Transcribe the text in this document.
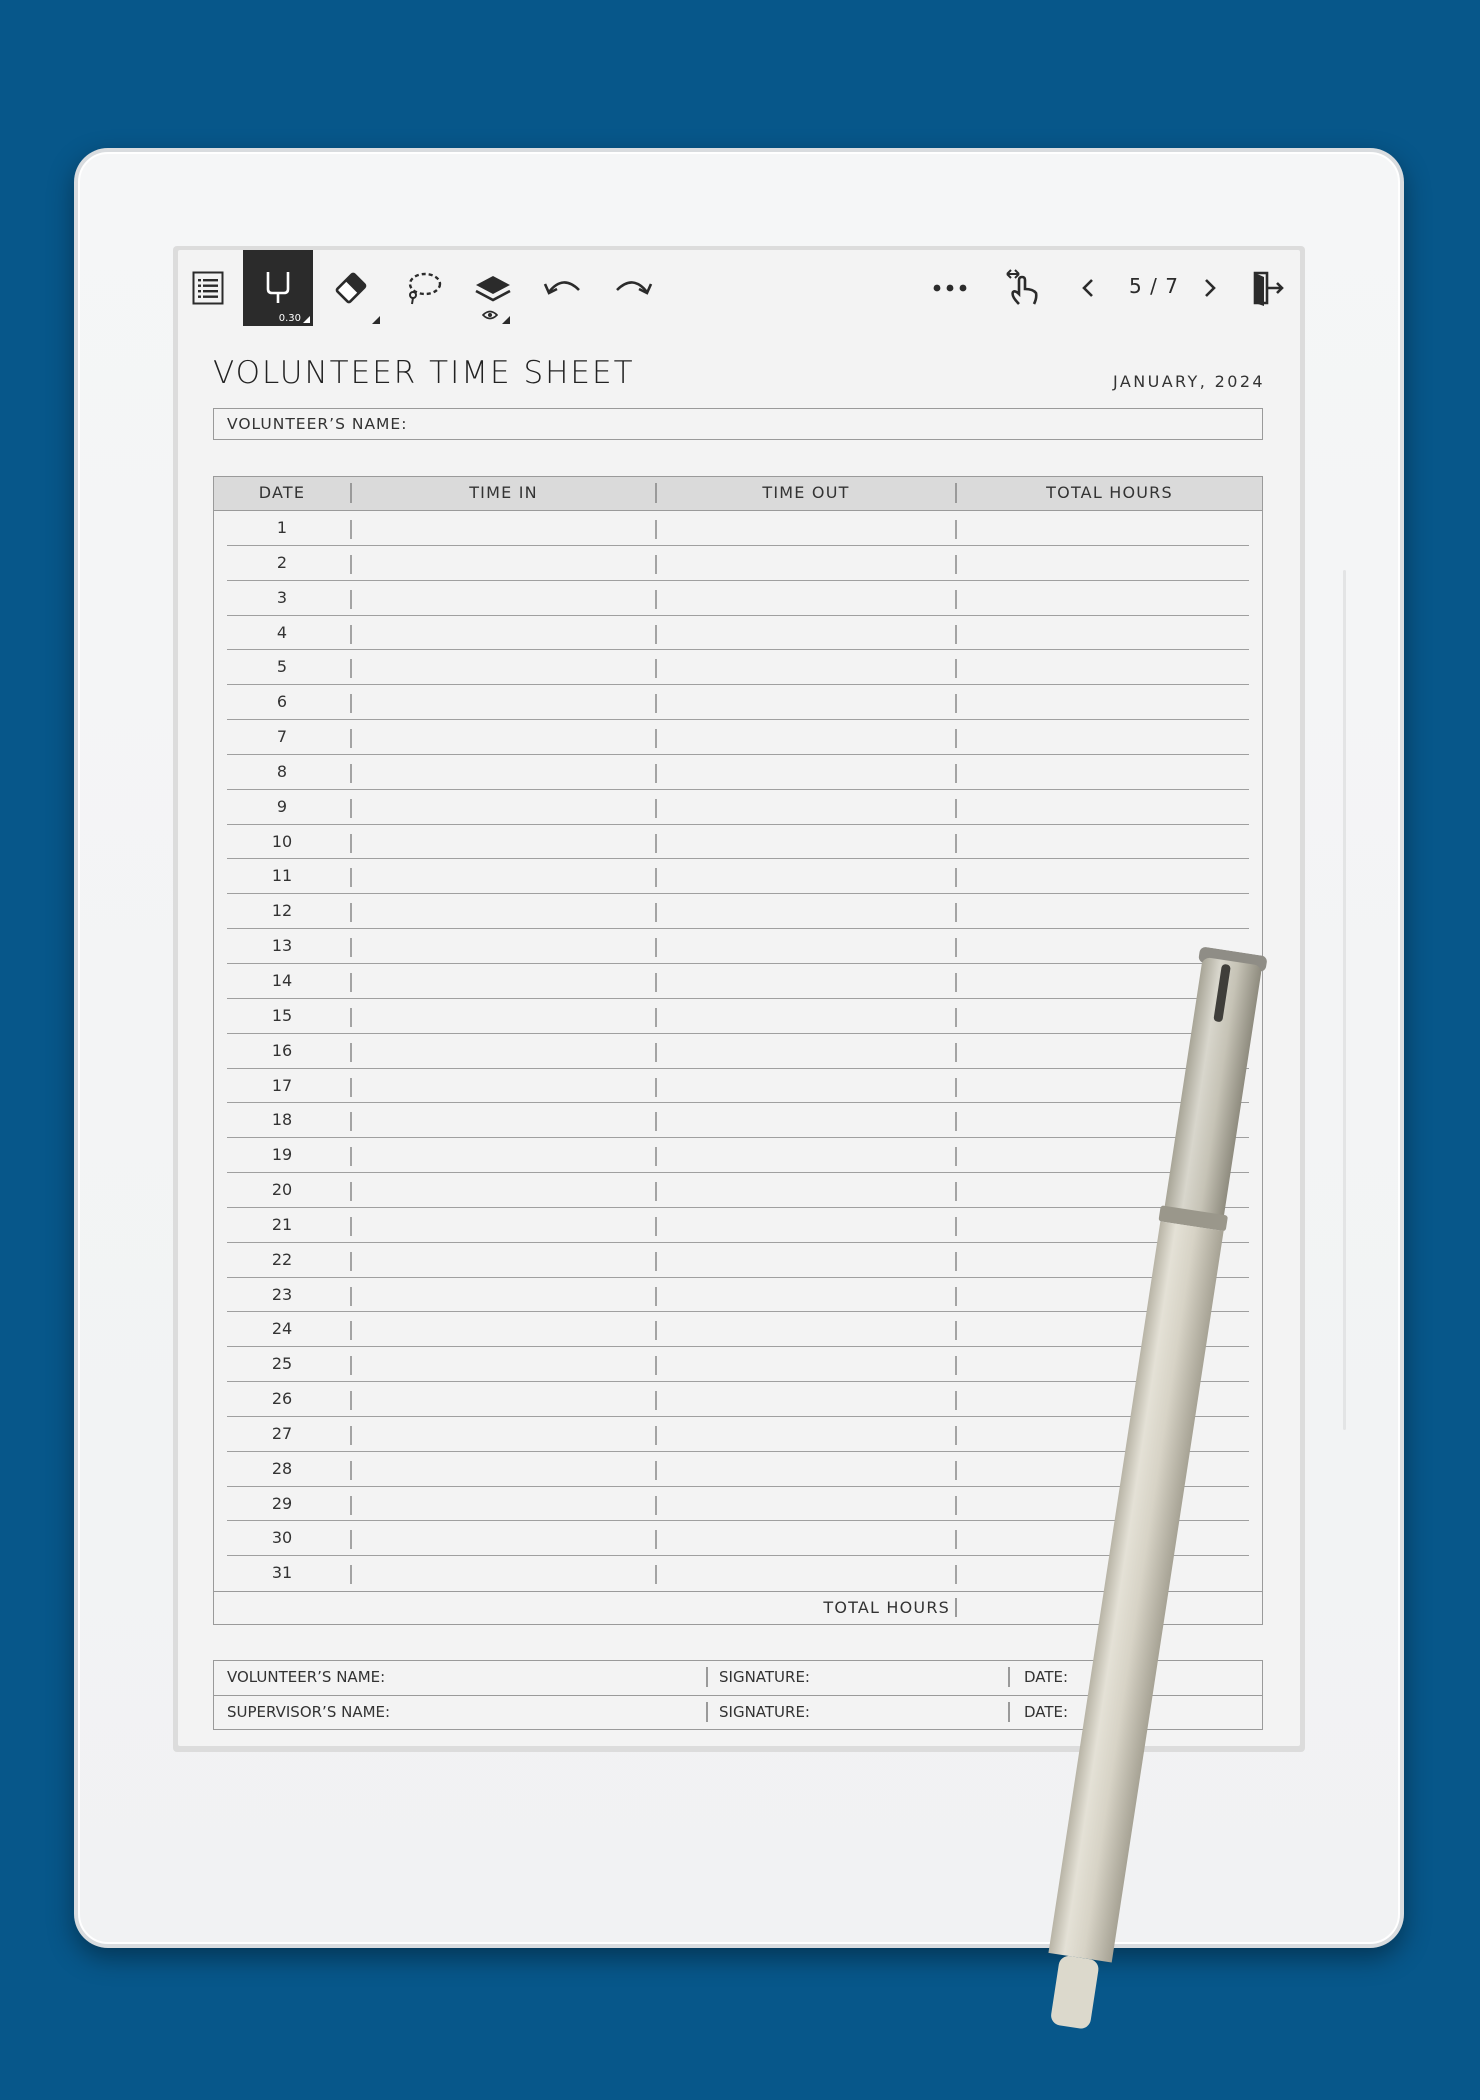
0.30
5 / 7
VOLUNTEER TIME SHEET	JANUARY, 2024
VOLUNTEER’S NAME:
DATE	TIME IN	TIME OUT	TOTAL HOURS
1
2
3
4
5
6
7
8
9
10
11
12
13
14
15
16
17
18
19
20
21
22
23
24
25
26
27
28
29
30
31
TOTAL HOURS
VOLUNTEER’S NAME:	SIGNATURE:	DATE:
SUPERVISOR’S NAME:	SIGNATURE:	DATE:
